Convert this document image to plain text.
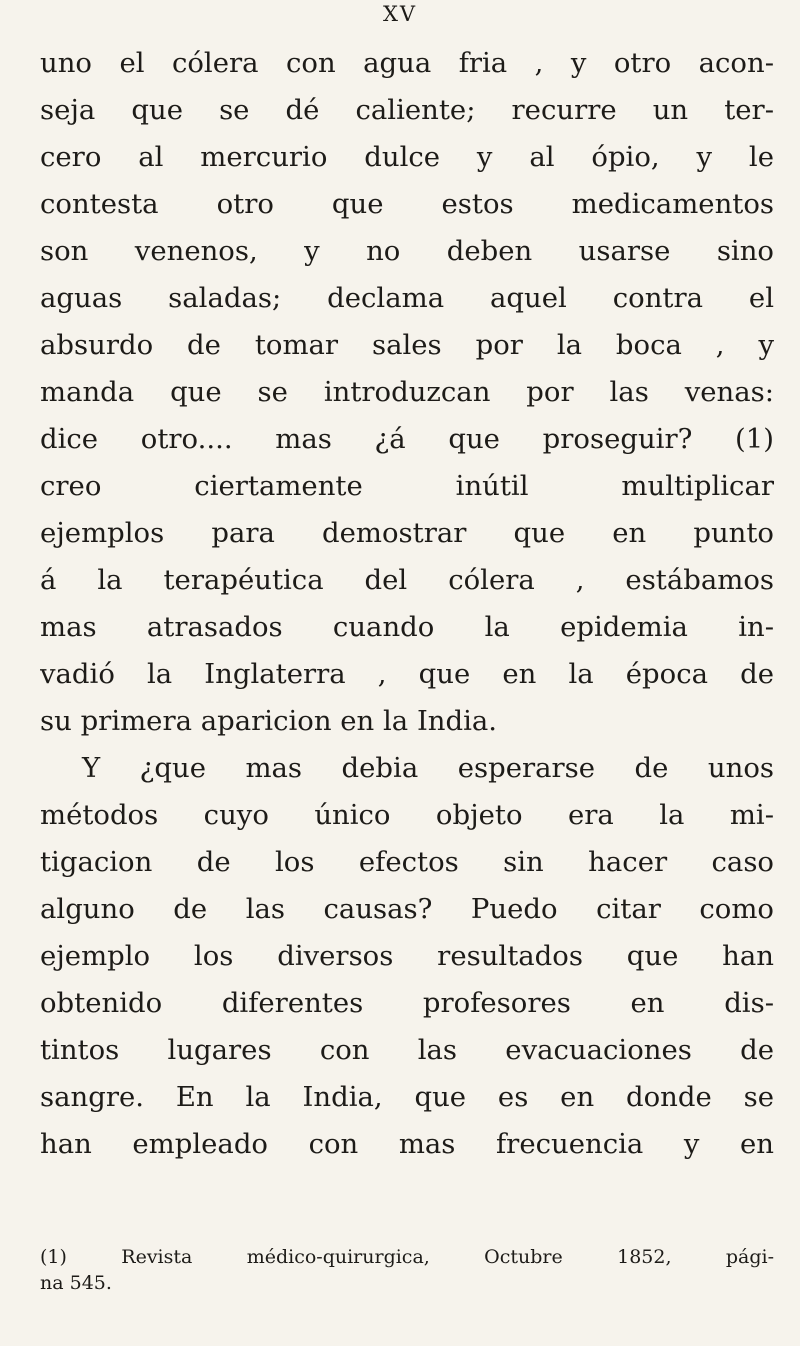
XV
uno el cólera con agua fria , y otro acon-
seja que se dé caliente; recurre un ter-
cero al mercurio dulce y al ópio, y le
contesta otro que estos medicamentos
son venenos, y no deben usarse sino
aguas saladas; declama aquel contra el
absurdo de tomar sales por la boca , y
manda que se introduzcan por las venas:
dice otro.... mas ¿á que proseguir? (1)
creo ciertamente inútil multiplicar
ejemplos para demostrar que en punto
á la terapéutica del cólera , estábamos
mas atrasados cuando la epidemia in-
vadió la Inglaterra , que en la época de
su primera aparicion en la India.
Y ¿que mas debia esperarse de unos
métodos cuyo único objeto era la mi-
tigacion de los efectos sin hacer caso
alguno de las causas? Puedo citar como
ejemplo los diversos resultados que han
obtenido diferentes profesores en dis-
tintos lugares con las evacuaciones de
sangre. En la India, que es en donde se
han empleado con mas frecuencia y en
(1) Revista médico-quirurgica, Octubre 1852, pági-
na 545.
